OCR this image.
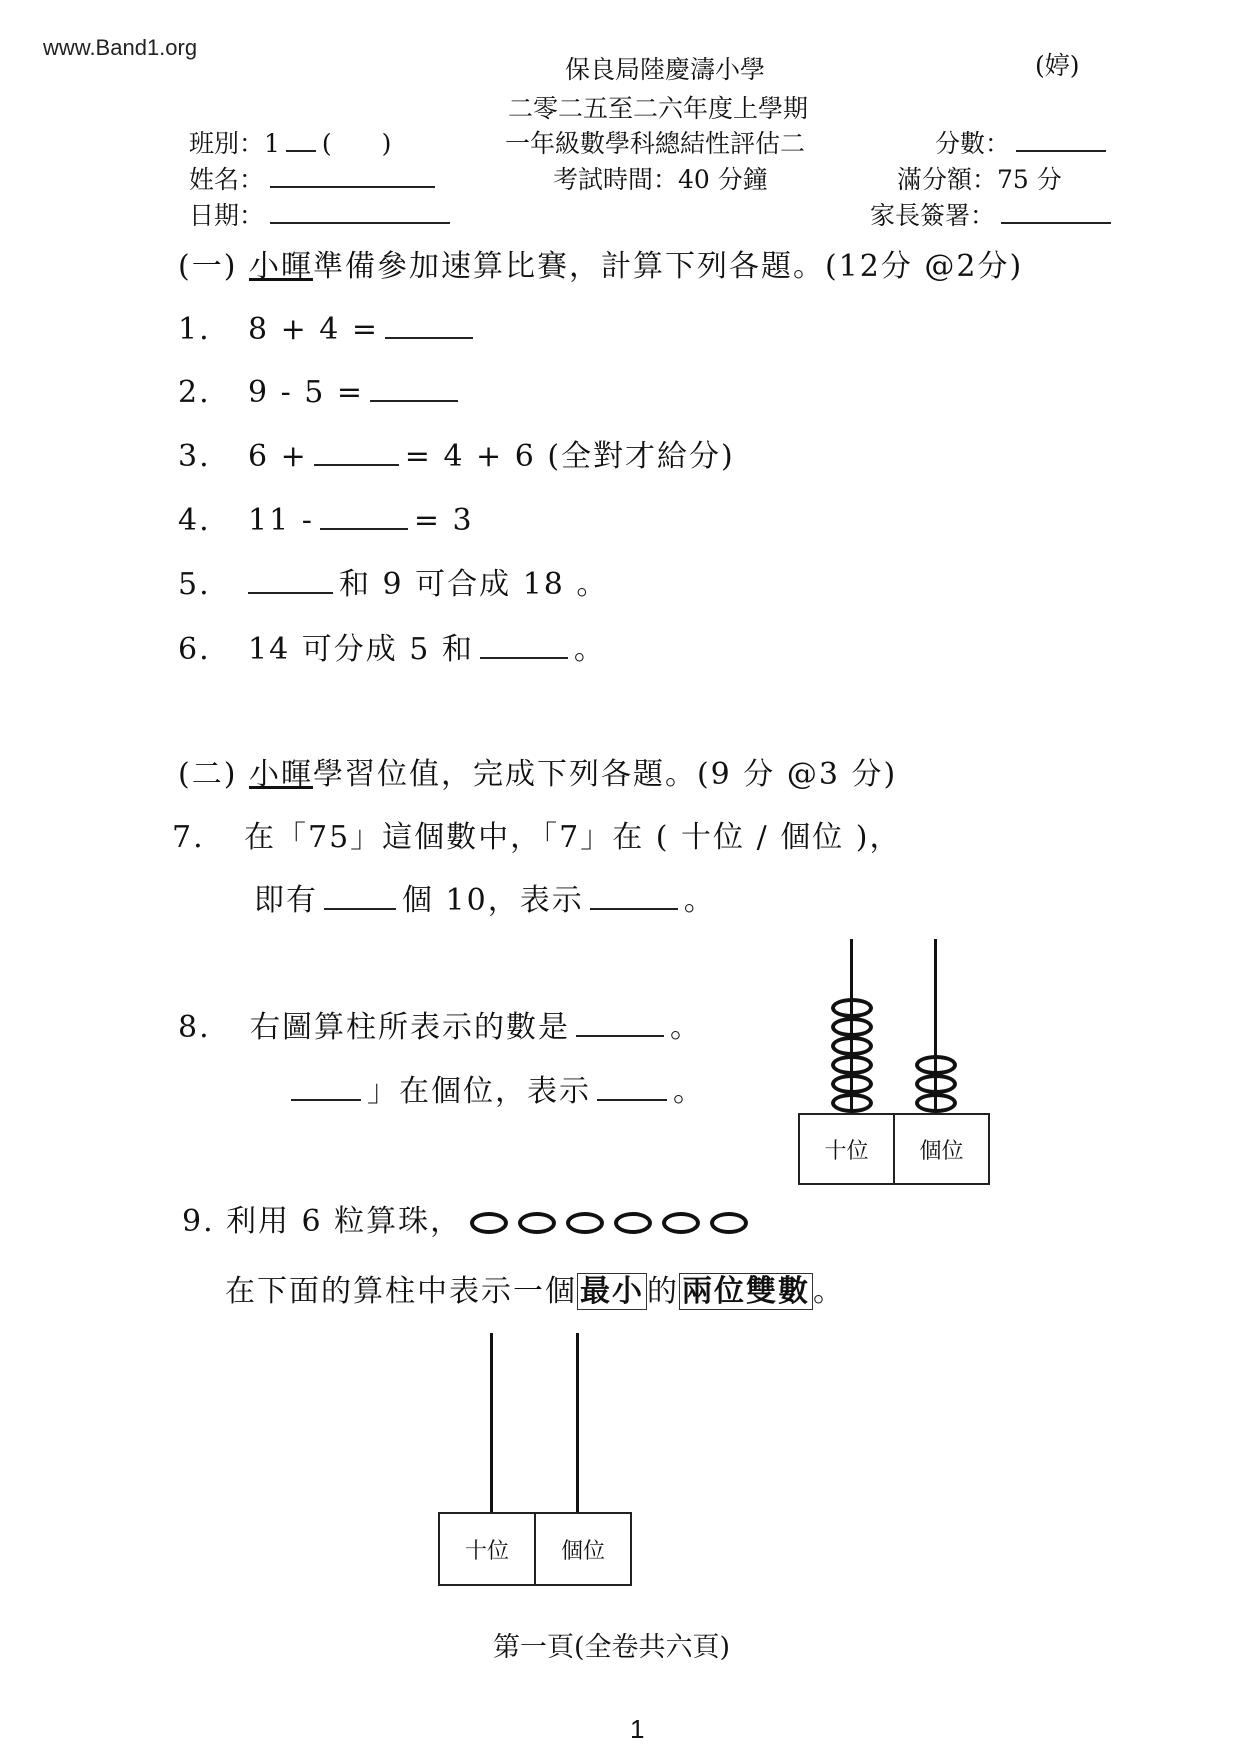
www.Band1.org
保良局陸慶濤小學	(婷)
二零二五至二六年度上學期
班別：1 (　　)	一年級數學科總結性評估二	分數：
姓名：	考試時間：40 分鐘	滿分額：75 分
日期：	家長簽署：
(一) 小暉準備參加速算比賽，計算下列各題。(12分 @2分)
1. 8 + 4 =
2. 9 - 5 =
3. 6 +	= 4 + 6 (全對才給分)
4. 11 -	= 3
5.	和 9 可合成 18 。
6. 14 可分成 5 和	。
(二) 小暉學習位值，完成下列各題。(9 分 @3 分)
7. 在「75」這個數中，「7」在 ( 十位 / 個位 )，
即有	個 10，表示	。
8. 右圖算柱所表示的數是	。
」在個位，表示	。
十位	個位
9. 利用 6 粒算珠，
在下面的算柱中表示一個 最小 的 兩位雙數 。
十位	個位
第一頁(全卷共六頁)
1
